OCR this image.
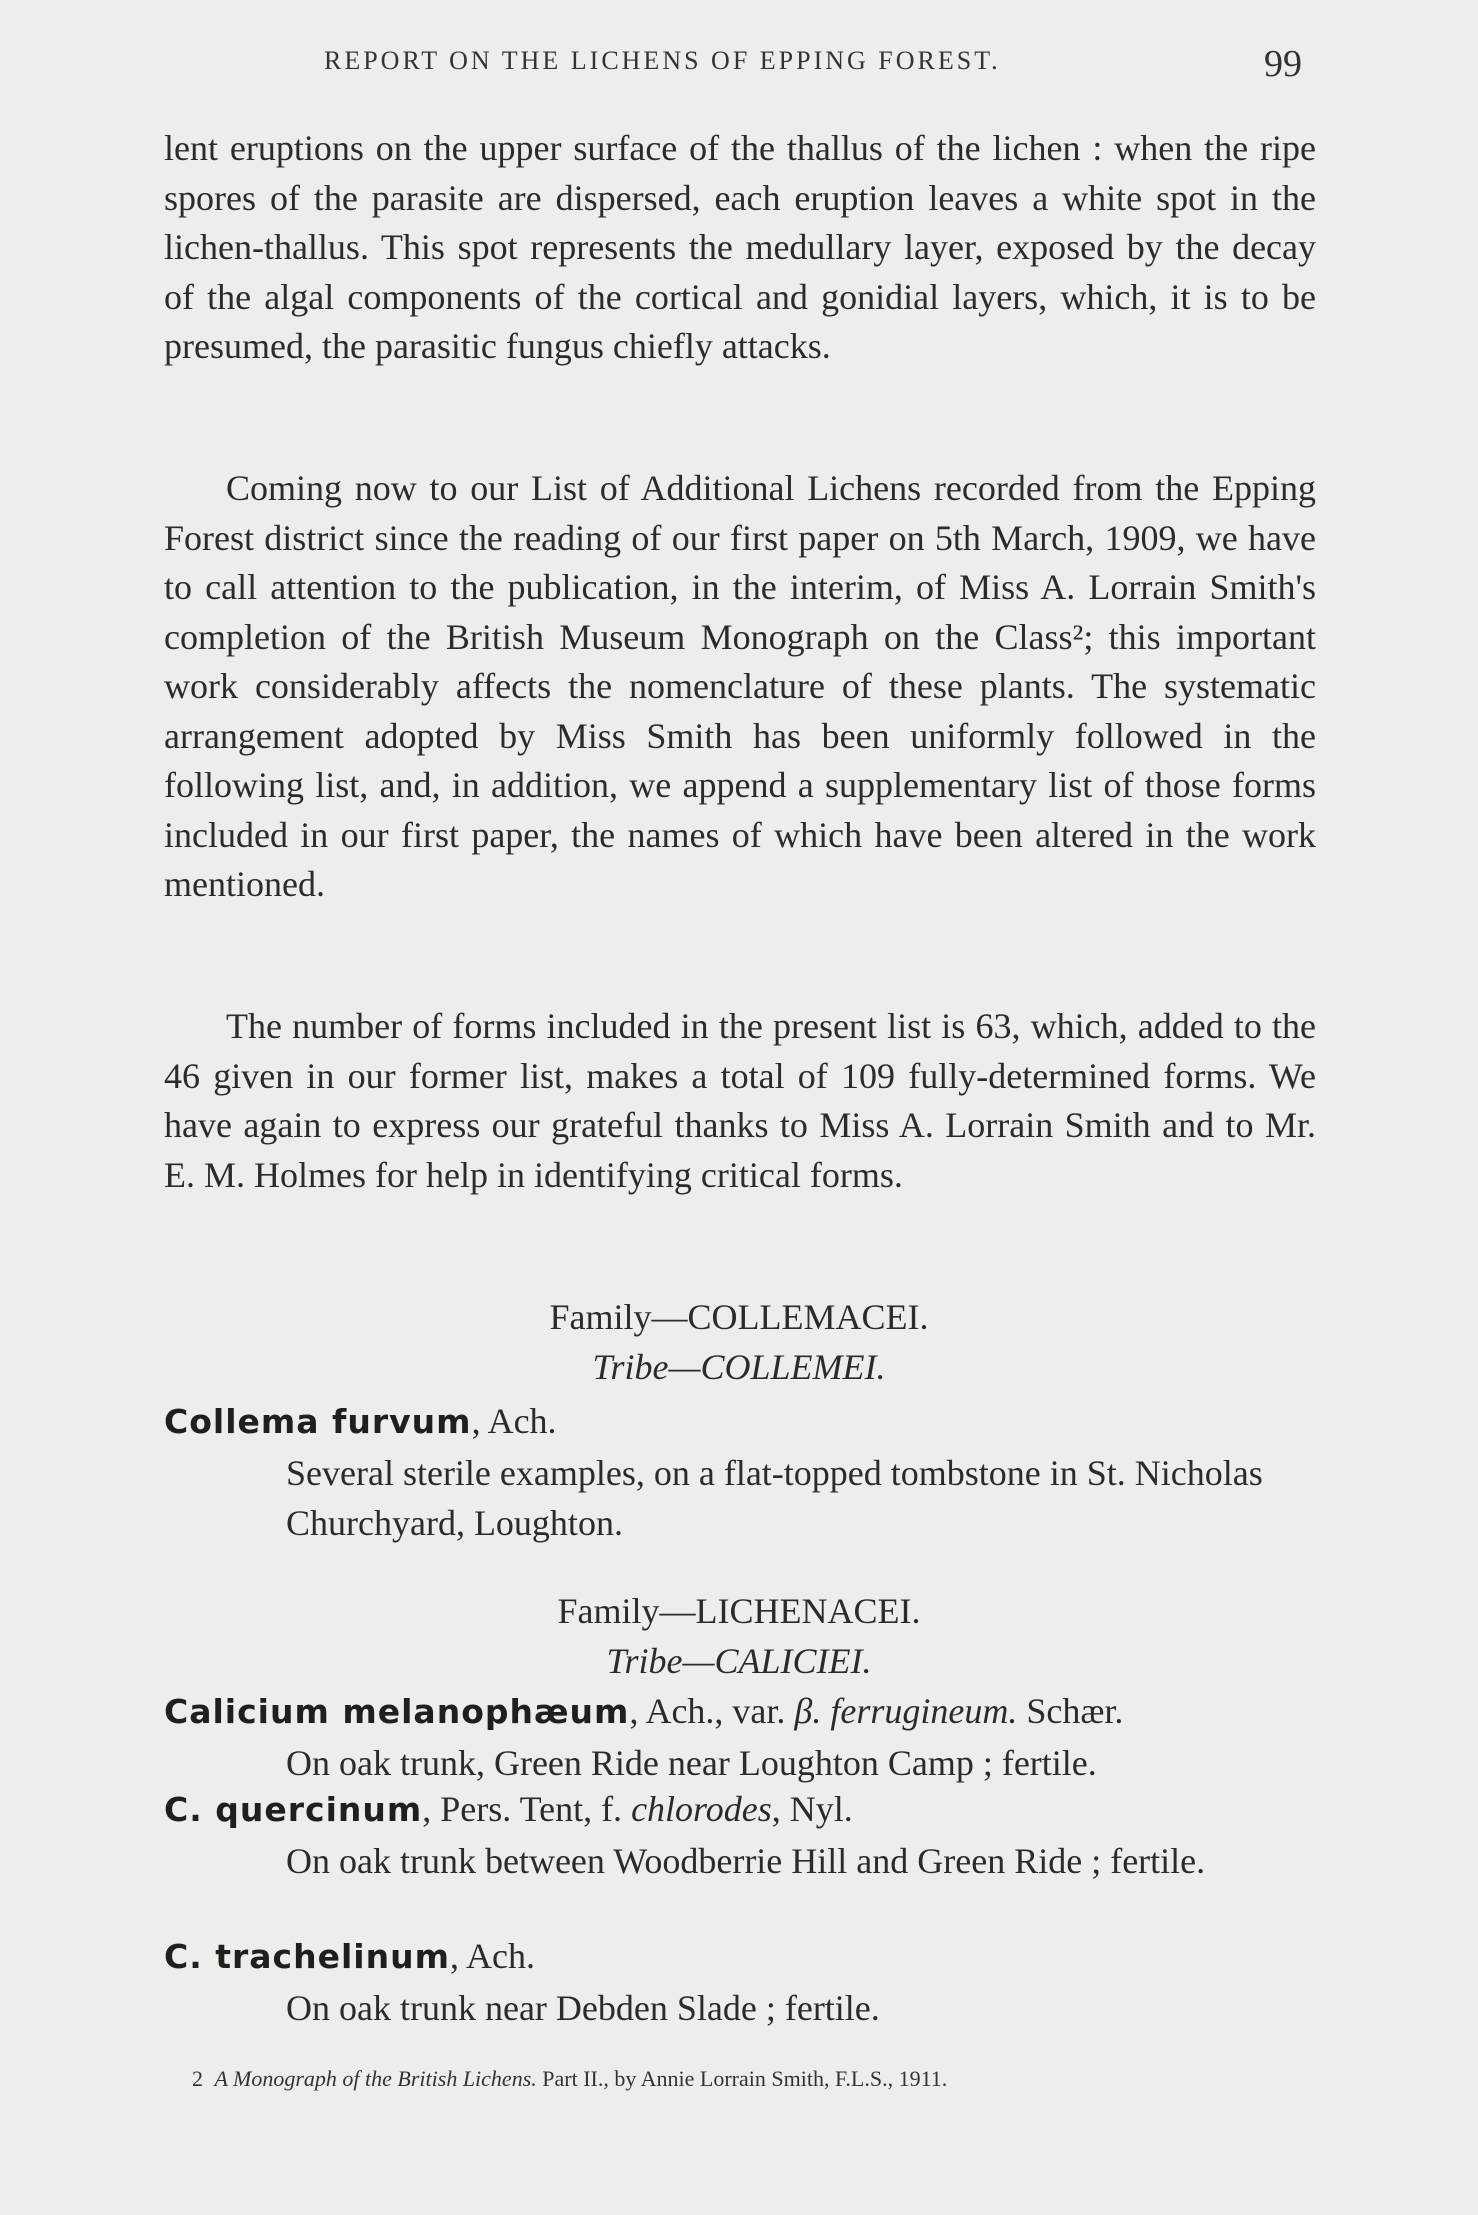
REPORT ON THE LICHENS OF EPPING FOREST.	99

lent eruptions on the upper surface of the thallus of the lichen : when the ripe spores of the parasite are dispersed, each eruption leaves a white spot in the lichen-thallus. This spot represents the medullary layer, exposed by the decay of the algal components of the cortical and gonidial layers, which, it is to be presumed, the parasitic fungus chiefly attacks.

Coming now to our List of Additional Lichens recorded from the Epping Forest district since the reading of our first paper on 5th March, 1909, we have to call attention to the publication, in the interim, of Miss A. Lorrain Smith's completion of the British Museum Monograph on the Class²; this important work considerably affects the nomenclature of these plants. The systematic arrangement adopted by Miss Smith has been uniformly followed in the following list, and, in addition, we append a supplementary list of those forms included in our first paper, the names of which have been altered in the work mentioned.

The number of forms included in the present list is 63, which, added to the 46 given in our former list, makes a total of 109 fully-determined forms. We have again to express our grateful thanks to Miss A. Lorrain Smith and to Mr. E. M. Holmes for help in identifying critical forms.

Family—COLLEMACEI.
Tribe—COLLEMEI.
Collema furvum, Ach.
Several sterile examples, on a flat-topped tombstone in St. Nicholas Churchyard, Loughton.
Family—LICHENACEI.
Tribe—CALICIEI.
Calicium melanophæum, Ach., var. β. ferrugineum. Schær.
On oak trunk, Green Ride near Loughton Camp ; fertile.
C. quercinum, Pers. Tent, f. chlorodes, Nyl.
On oak trunk between Woodberrie Hill and Green Ride ; fertile.
C. trachelinum, Ach.
On oak trunk near Debden Slade ; fertile.
2 A Monograph of the British Lichens. Part II., by Annie Lorrain Smith, F.L.S., 1911.
